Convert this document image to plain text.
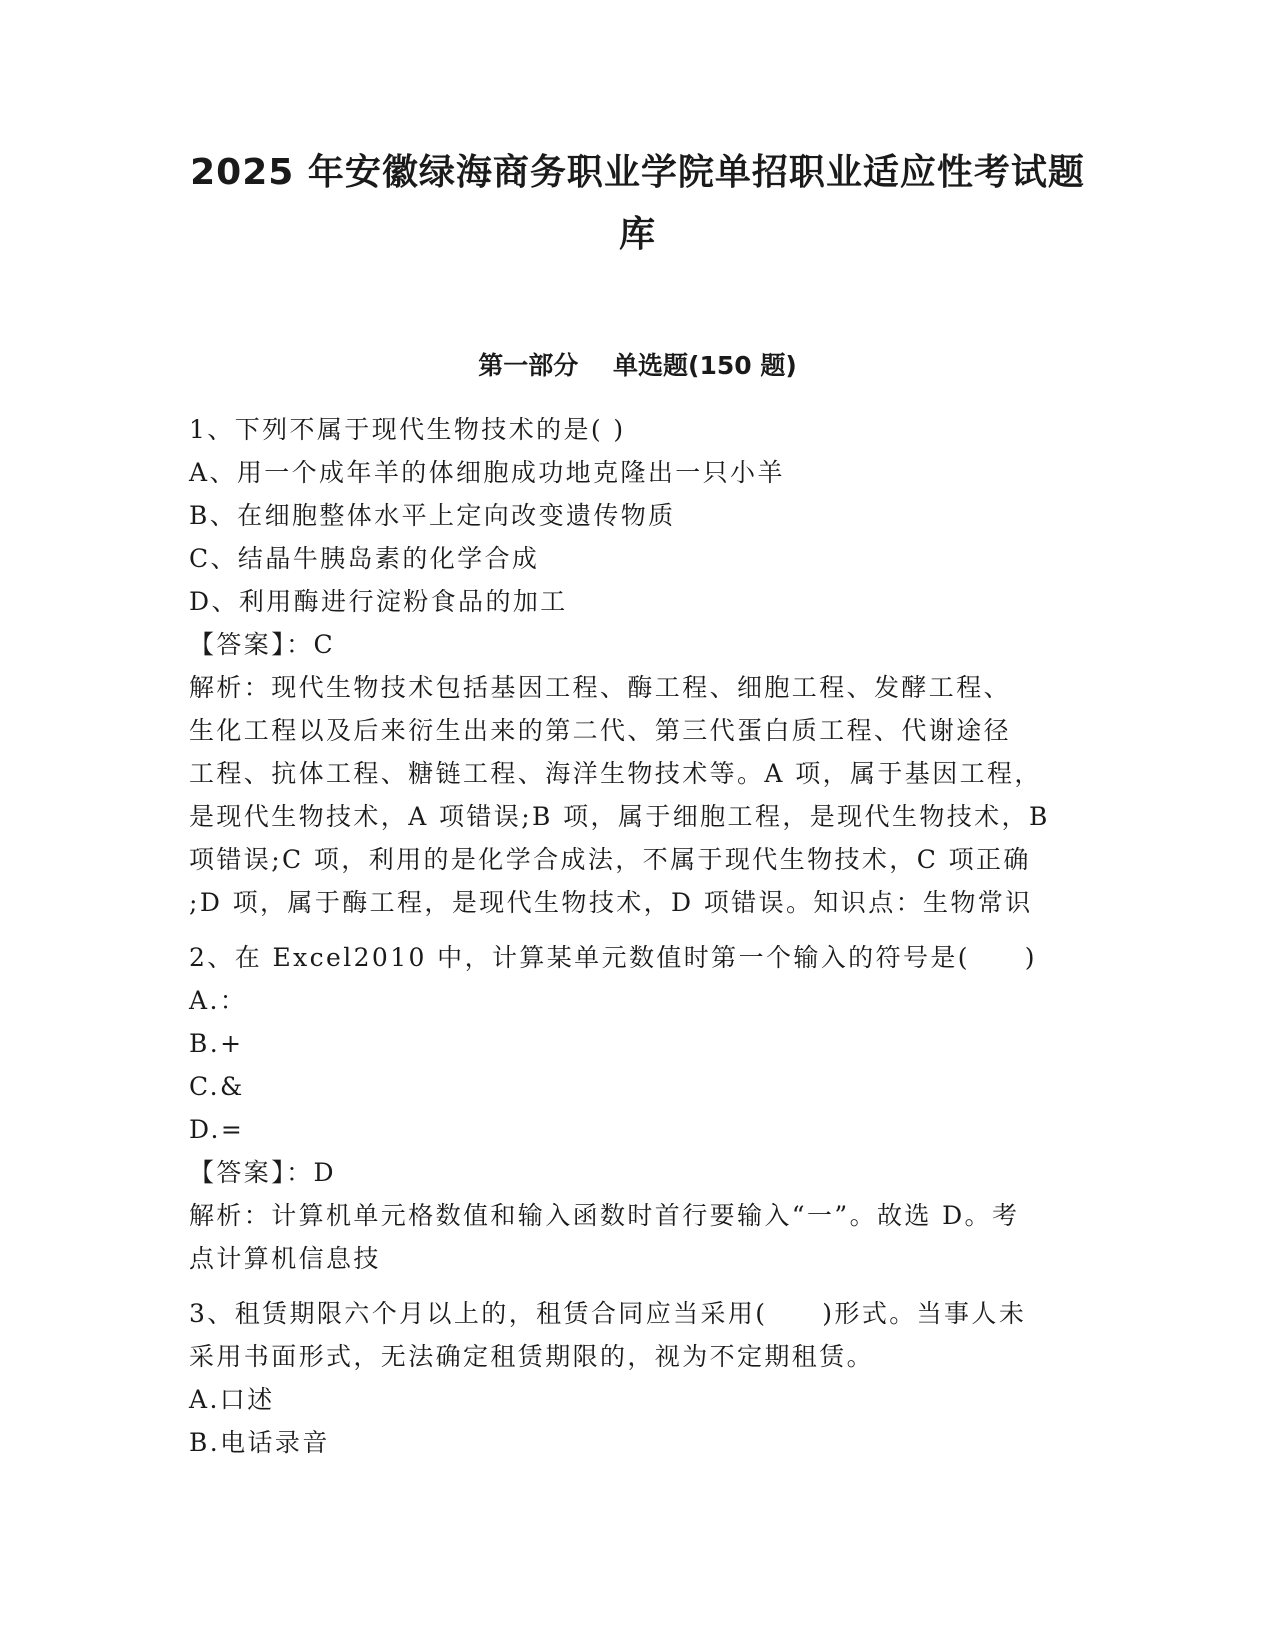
2025 年安徽绿海商务职业学院单招职业适应性考试题
库
第一部分    单选题(150 题)
1、下列不属于现代生物技术的是( )
A、用一个成年羊的体细胞成功地克隆出一只小羊
B、在细胞整体水平上定向改变遗传物质
C、结晶牛胰岛素的化学合成
D、利用酶进行淀粉食品的加工
【答案】：C
解析：现代生物技术包括基因工程、酶工程、细胞工程、发酵工程、
生化工程以及后来衍生出来的第二代、第三代蛋白质工程、代谢途径
工程、抗体工程、糖链工程、海洋生物技术等。A 项，属于基因工程，
是现代生物技术，A 项错误;B 项，属于细胞工程，是现代生物技术，B
项错误;C 项，利用的是化学合成法，不属于现代生物技术，C 项正确
;D 项，属于酶工程，是现代生物技术，D 项错误。知识点：生物常识
2、在 Excel2010 中，计算某单元数值时第一个输入的符号是(　　)
A.：
B.+
C.&
D.=
【答案】：D
解析：计算机单元格数值和输入函数时首行要输入“一”。故选 D。考
点计算机信息技
3、租赁期限六个月以上的，租赁合同应当采用(　　)形式。当事人未
采用书面形式，无法确定租赁期限的，视为不定期租赁。
A.口述
B.电话录音
